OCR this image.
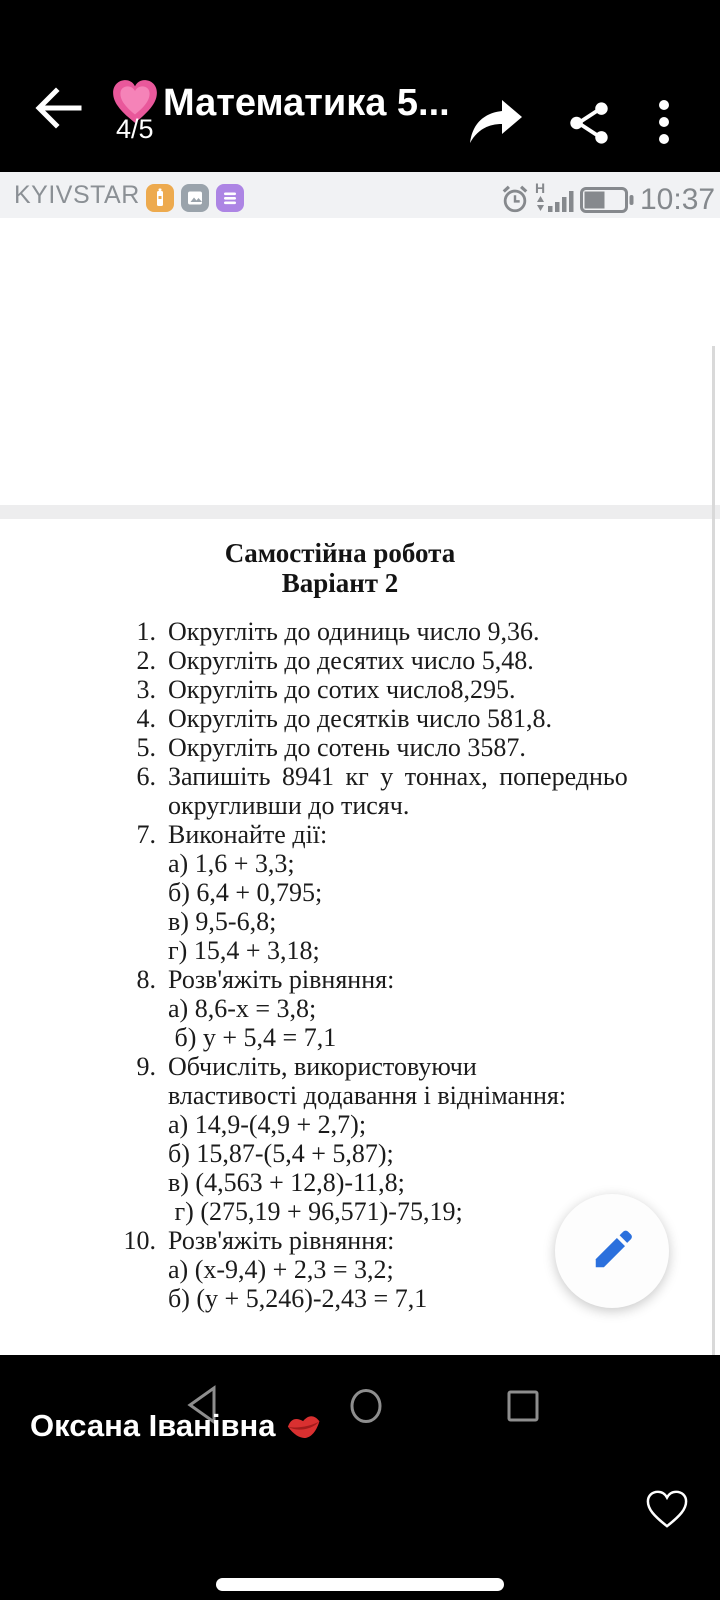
Математика 5...
4/5
KYIVSTAR	H	10:37
Самостійна робота
Варіант 2
1. Округліть до одиниць число 9,36.
2. Округліть до десятих число 5,48.
3. Округліть до сотих число8,295.
4. Округліть до десятків число 581,8.
5. Округліть до сотень число 3587.
6. Запишіть 8941 кг у тоннах, попередньо
округливши до тисяч.
7. Виконайте дії:
а) 1,6 + 3,3;
б) 6,4 + 0,795;
в) 9,5-6,8;
г) 15,4 + 3,18;
8. Розв'яжіть рівняння:
а) 8,6-х = 3,8;
б) у + 5,4 = 7,1
9. Обчисліть, використовуючи
властивості додавання і віднімання:
а) 14,9-(4,9 + 2,7);
б) 15,87-(5,4 + 5,87);
в) (4,563 + 12,8)-11,8;
г) (275,19 + 96,571)-75,19;
10. Розв'яжіть рівняння:
а) (х-9,4) + 2,3 = 3,2;
б) (у + 5,246)-2,43 = 7,1
Оксана Іванівна
